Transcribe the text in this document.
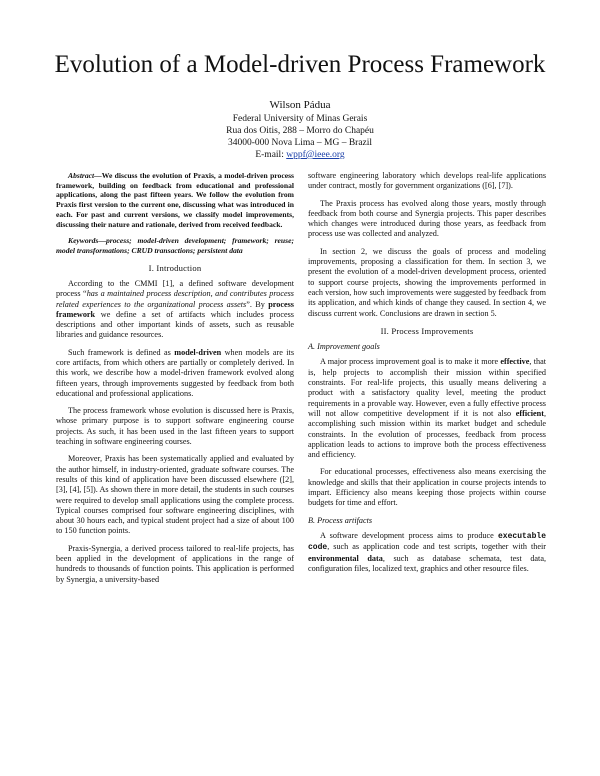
Evolution of a Model-driven Process Framework
Wilson Pádua
Federal University of Minas Gerais
Rua dos Oitis, 288 – Morro do Chapéu
34000-000 Nova Lima – MG – Brazil
E-mail: wppf@ieee.org

Abstract—We discuss the evolution of Praxis, a model-driven process framework, building on feedback from educational and professional applications, along the past fifteen years. We follow the evolution from Praxis first version to the current one, discussing what was introduced in each. For past and current versions, we classify model improvements, discussing their nature and rationale, derived from received feedback.

Keywords—process; model-driven development; framework; reuse; model transformations; CRUD transactions; persistent data

I. Introduction

According to the CMMI [1], a defined software development process “has a maintained process description, and contributes process related experiences to the organizational process assets”. By process framework we define a set of artifacts which includes process descriptions and other important kinds of assets, such as reusable libraries and guidance resources.

Such framework is defined as model-driven when models are its core artifacts, from which others are partially or completely derived. In this work, we describe how a model-driven framework evolved along fifteen years, through improvements suggested by feedback from both educational and professional applications.

The process framework whose evolution is discussed here is Praxis, whose primary purpose is to support software engineering course projects. As such, it has been used in the last fifteen years to support teaching in software engineering courses.

Moreover, Praxis has been systematically applied and evaluated by the author himself, in industry-oriented, graduate software courses. The results of this kind of application have been discussed elsewhere ([2], [3], [4], [5]). As shown there in more detail, the students in such courses were required to develop small applications using the complete process. Typical courses comprised four software engineering disciplines, with about 30 hours each, and typical student project had a size of about 100 to 150 function points.

Praxis-Synergia, a derived process tailored to real-life projects, has been applied in the development of applications in the range of hundreds to thousands of function points. This application is performed by Synergia, a university-based

software engineering laboratory which develops real-life applications under contract, mostly for government organizations ([6], [7]).

The Praxis process has evolved along those years, mostly through feedback from both course and Synergia projects. This paper describes which changes were introduced during those years, as feedback from process use was collected and analyzed.

In section 2, we discuss the goals of process and modeling improvements, proposing a classification for them. In section 3, we present the evolution of a model-driven development process, oriented to support course projects, showing the improvements performed in each version, how such improvements were suggested by feedback from its application, and which kinds of change they caused. In section 4, we discuss current work. Conclusions are drawn in section 5.

II. Process Improvements
A. Improvement goals

A major process improvement goal is to make it more effective, that is, help projects to accomplish their mission within specified constraints. For real-life projects, this usually means delivering a product with a satisfactory quality level, meeting the product requirements in a provable way. However, even a fully effective process will not allow competitive development if it is not also efficient, accomplishing such mission within its market budget and schedule constraints. In the evolution of processes, feedback from process application leads to actions to improve both the process effectiveness and efficiency.

For educational processes, effectiveness also means exercising the knowledge and skills that their application in course projects intends to impart. Efficiency also means keeping those projects within course budgets for time and effort.

B. Process artifacts

A software development process aims to produce executable code, such as application code and test scripts, together with their environmental data, such as database schemata, test data, configuration files, localized text, graphics and other resource files.
